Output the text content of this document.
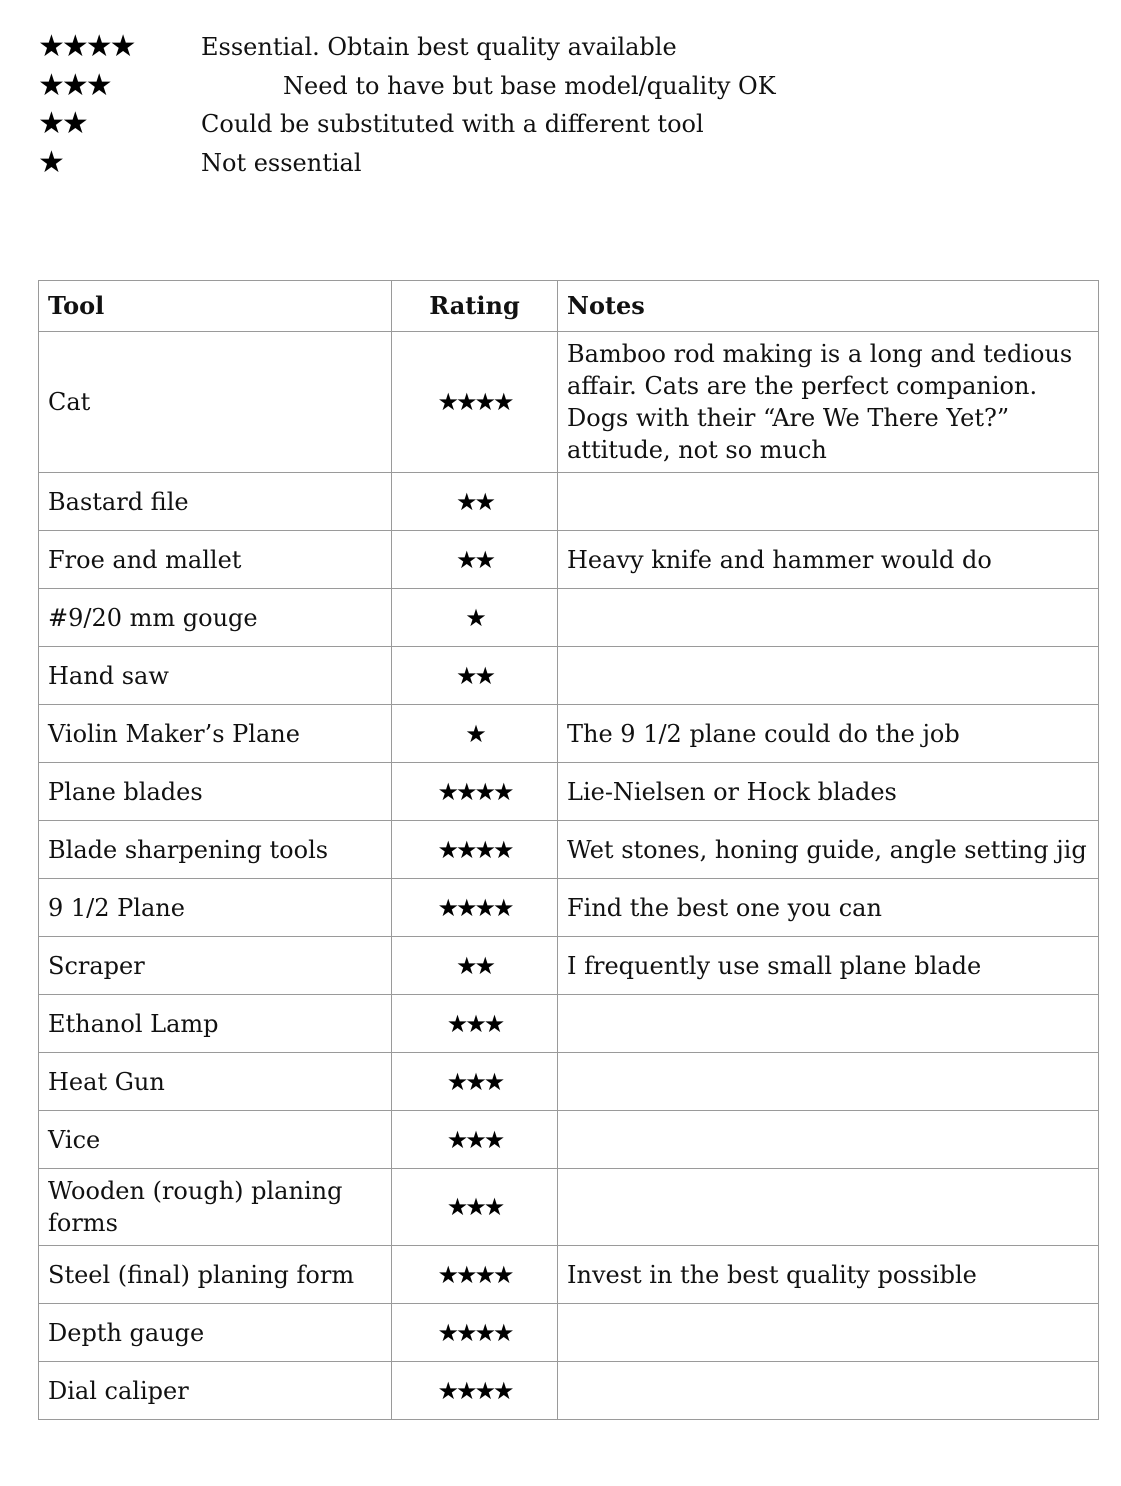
★★★★	Essential. Obtain best quality available
★★★	Need to have but base model/quality OK
★★	Could be substituted with a different tool
★	Not essential
Tool	Rating	Notes
Cat	★★★★	Bamboo rod making is a long and tedious affair. Cats are the perfect companion. Dogs with their “Are We There Yet?” attitude, not so much
Bastard file	★★	
Froe and mallet	★★	Heavy knife and hammer would do
#9/20 mm gouge	★	
Hand saw	★★	
Violin Maker’s Plane	★	The 9 1/2 plane could do the job
Plane blades	★★★★	Lie-Nielsen or Hock blades
Blade sharpening tools	★★★★	Wet stones, honing guide, angle setting jig
9 1/2 Plane	★★★★	Find the best one you can
Scraper	★★	I frequently use small plane blade
Ethanol Lamp	★★★	
Heat Gun	★★★	
Vice	★★★	
Wooden (rough) planing forms	★★★	
Steel (final) planing form	★★★★	Invest in the best quality possible
Depth gauge	★★★★	
Dial caliper	★★★★	
